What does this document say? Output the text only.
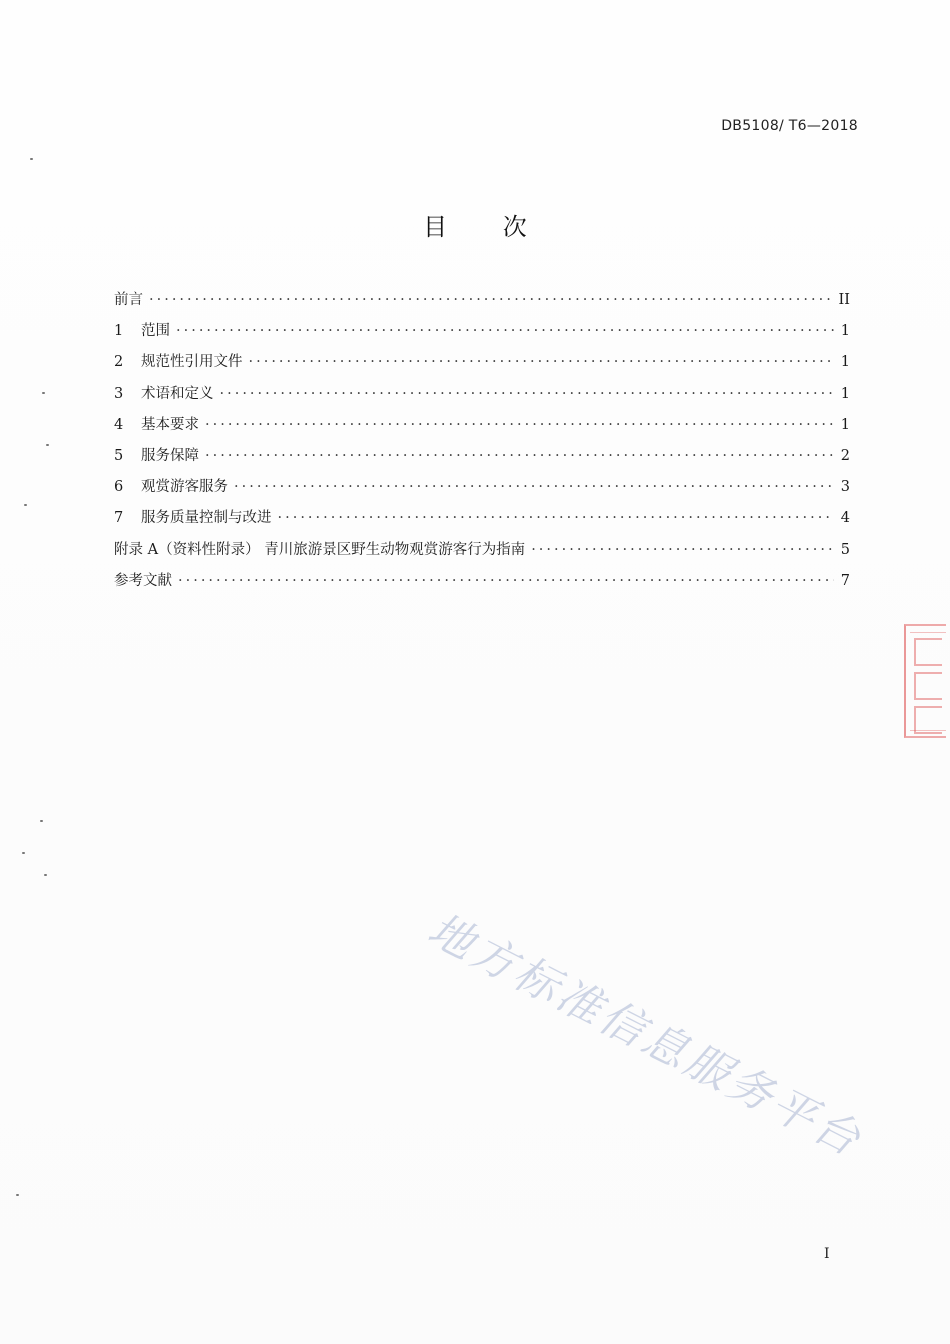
DB5108/ T6—2018
目 次
前言 ·····	II
1	范围 ·····	1
2	规范性引用文件 ·····	1
3	术语和定义 ·····	1
4	基本要求 ·····	1
5	服务保障 ·····	2
6	观赏游客服务 ·····	3
7	服务质量控制与改进 ·····	4
附录 A（资料性附录） 青川旅游景区野生动物观赏游客行为指南 ·····	5
参考文献 ·····	7
地方标准信息服务平台
I
